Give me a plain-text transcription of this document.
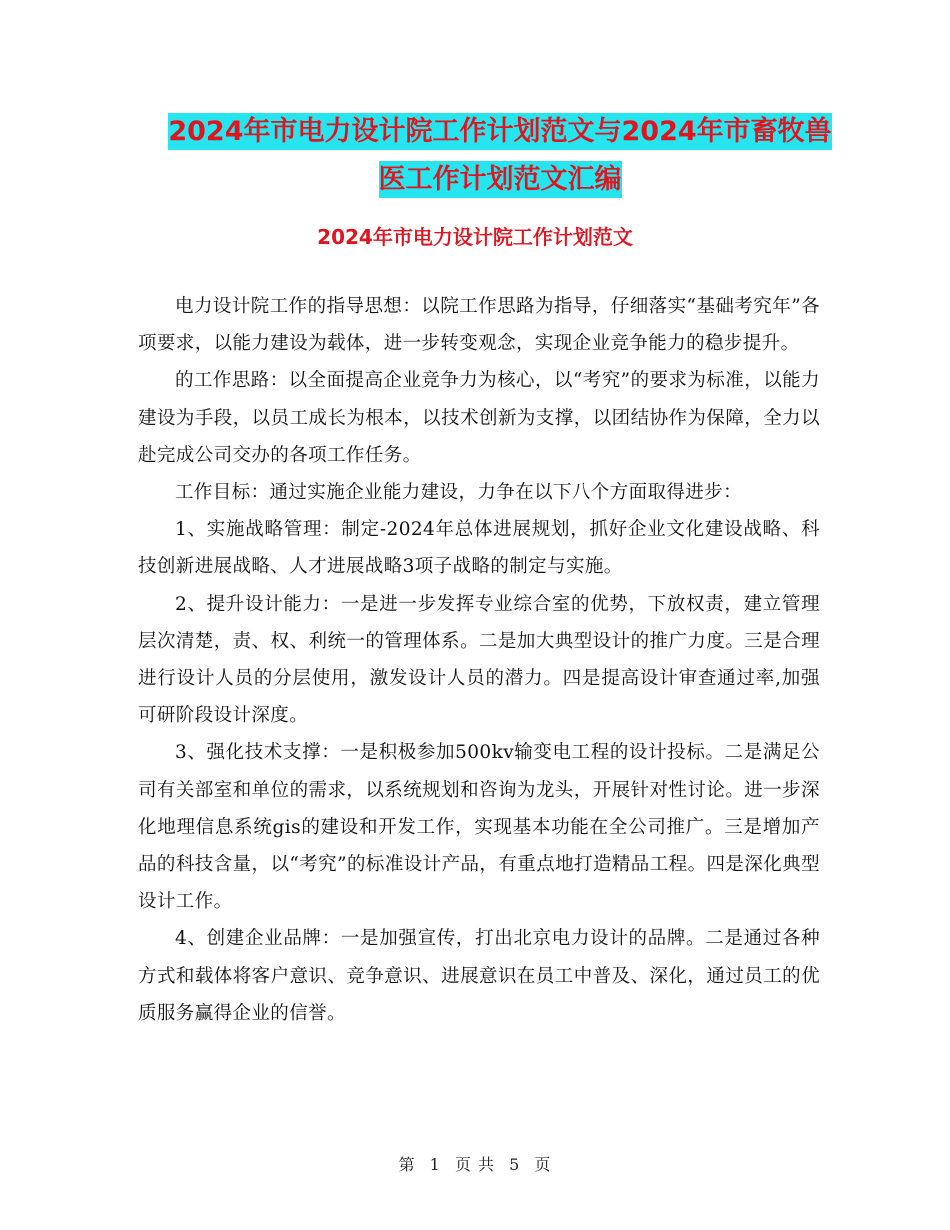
2024年市电力设计院工作计划范文与2024年市畜牧兽
医工作计划范文汇编
2024年市电力设计院工作计划范文

电力设计院工作的指导思想：以院工作思路为指导，仔细落实“基础考究年”各项要求，以能力建设为载体，进一步转变观念，实现企业竞争能力的稳步提升。

的工作思路：以全面提高企业竞争力为核心，以“考究”的要求为标准，以能力建设为手段，以员工成长为根本，以技术创新为支撑，以团结协作为保障，全力以赴完成公司交办的各项工作任务。

工作目标：通过实施企业能力建设，力争在以下八个方面取得进步：

1、实施战略管理：制定-2024年总体进展规划，抓好企业文化建设战略、科技创新进展战略、人才进展战略3项子战略的制定与实施。

2、提升设计能力：一是进一步发挥专业综合室的优势，下放权责，建立管理层次清楚，责、权、利统一的管理体系。二是加大典型设计的推广力度。三是合理进行设计人员的分层使用，激发设计人员的潜力。四是提高设计审查通过率,加强可研阶段设计深度。

3、强化技术支撑：一是积极参加500kv输变电工程的设计投标。二是满足公司有关部室和单位的需求，以系统规划和咨询为龙头，开展针对性讨论。进一步深化地理信息系统gis的建设和开发工作，实现基本功能在全公司推广。三是增加产品的科技含量，以“考究”的标准设计产品，有重点地打造精品工程。四是深化典型设计工作。

4、创建企业品牌：一是加强宣传，打出北京电力设计的品牌。二是通过各种方式和载体将客户意识、竞争意识、进展意识在员工中普及、深化，通过员工的优质服务赢得企业的信誉。

第 1 页 共 5 页
